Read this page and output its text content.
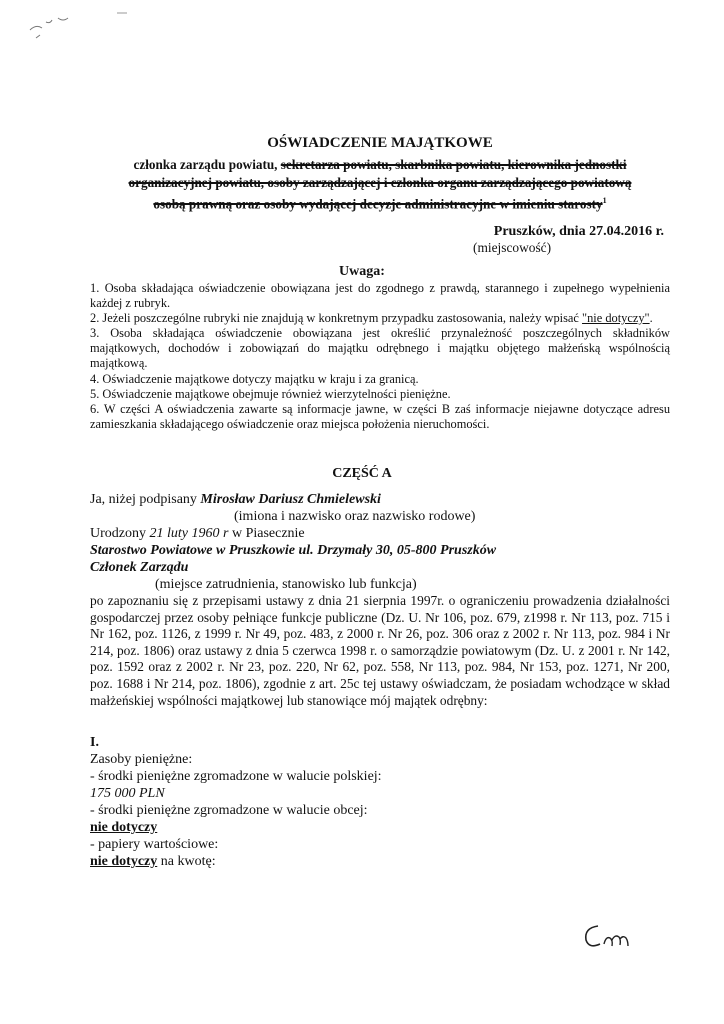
OŚWIADCZENIE MAJĄTKOWE
członka zarządu powiatu, sekretarza powiatu, skarbnika powiatu, kierownika jednostki
organizacyjnej powiatu, osoby zarządzającej i członka organu zarządzającego powiatową
osobą prawną oraz osoby wydającej decyzje administracyjne w imieniu starosty$^1$
Pruszków, dnia 27.04.2016 r.
(miejscowość)
Uwaga:
1. Osoba składająca oświadczenie obowiązana jest do zgodnego z prawdą, starannego i zupełnego wypełnienia każdej z rubryk.
2. Jeżeli poszczególne rubryki nie znajdują w konkretnym przypadku zastosowania, należy wpisać "nie dotyczy".
3. Osoba składająca oświadczenie obowiązana jest określić przynależność poszczególnych składników majątkowych, dochodów i zobowiązań do majątku odrębnego i majątku objętego małżeńską wspólnością majątkową.
4. Oświadczenie majątkowe dotyczy majątku w kraju i za granicą.
5. Oświadczenie majątkowe obejmuje również wierzytelności pieniężne.
6. W części A oświadczenia zawarte są informacje jawne, w części B zaś informacje niejawne dotyczące adresu zamieszkania składającego oświadczenie oraz miejsca położenia nieruchomości.
CZĘŚĆ A
Ja, niżej podpisany Mirosław Dariusz Chmielewski
(imiona i nazwisko oraz nazwisko rodowe)
Urodzony 21 luty 1960 r w Piasecznie
Starostwo Powiatowe w Pruszkowie ul. Drzymały 30, 05-800 Pruszków
Członek Zarządu
(miejsce zatrudnienia, stanowisko lub funkcja)
po zapoznaniu się z przepisami ustawy z dnia 21 sierpnia 1997r. o ograniczeniu prowadzenia działalności gospodarczej przez osoby pełniące funkcje publiczne (Dz. U. Nr 106, poz. 679, z1998 r. Nr 113, poz. 715 i Nr 162, poz. 1126, z 1999 r. Nr 49, poz. 483, z 2000 r. Nr 26, poz. 306 oraz z 2002 r. Nr 113, poz. 984 i Nr 214, poz. 1806) oraz ustawy z dnia 5 czerwca 1998 r. o samorządzie powiatowym (Dz. U. z 2001 r. Nr 142, poz. 1592 oraz z 2002 r. Nr 23, poz. 220, Nr 62, poz. 558, Nr 113, poz. 984, Nr 153, poz. 1271, Nr 200, poz. 1688 i Nr 214, poz. 1806), zgodnie z art. 25c tej ustawy oświadczam, że posiadam wchodzące w skład małżeńskiej wspólności majątkowej lub stanowiące mój majątek odrębny:
I.
Zasoby pieniężne:
- środki pieniężne zgromadzone w walucie polskiej:
175 000 PLN
- środki pieniężne zgromadzone w walucie obcej:
nie dotyczy
- papiery wartościowe:
nie dotyczy na kwotę:
